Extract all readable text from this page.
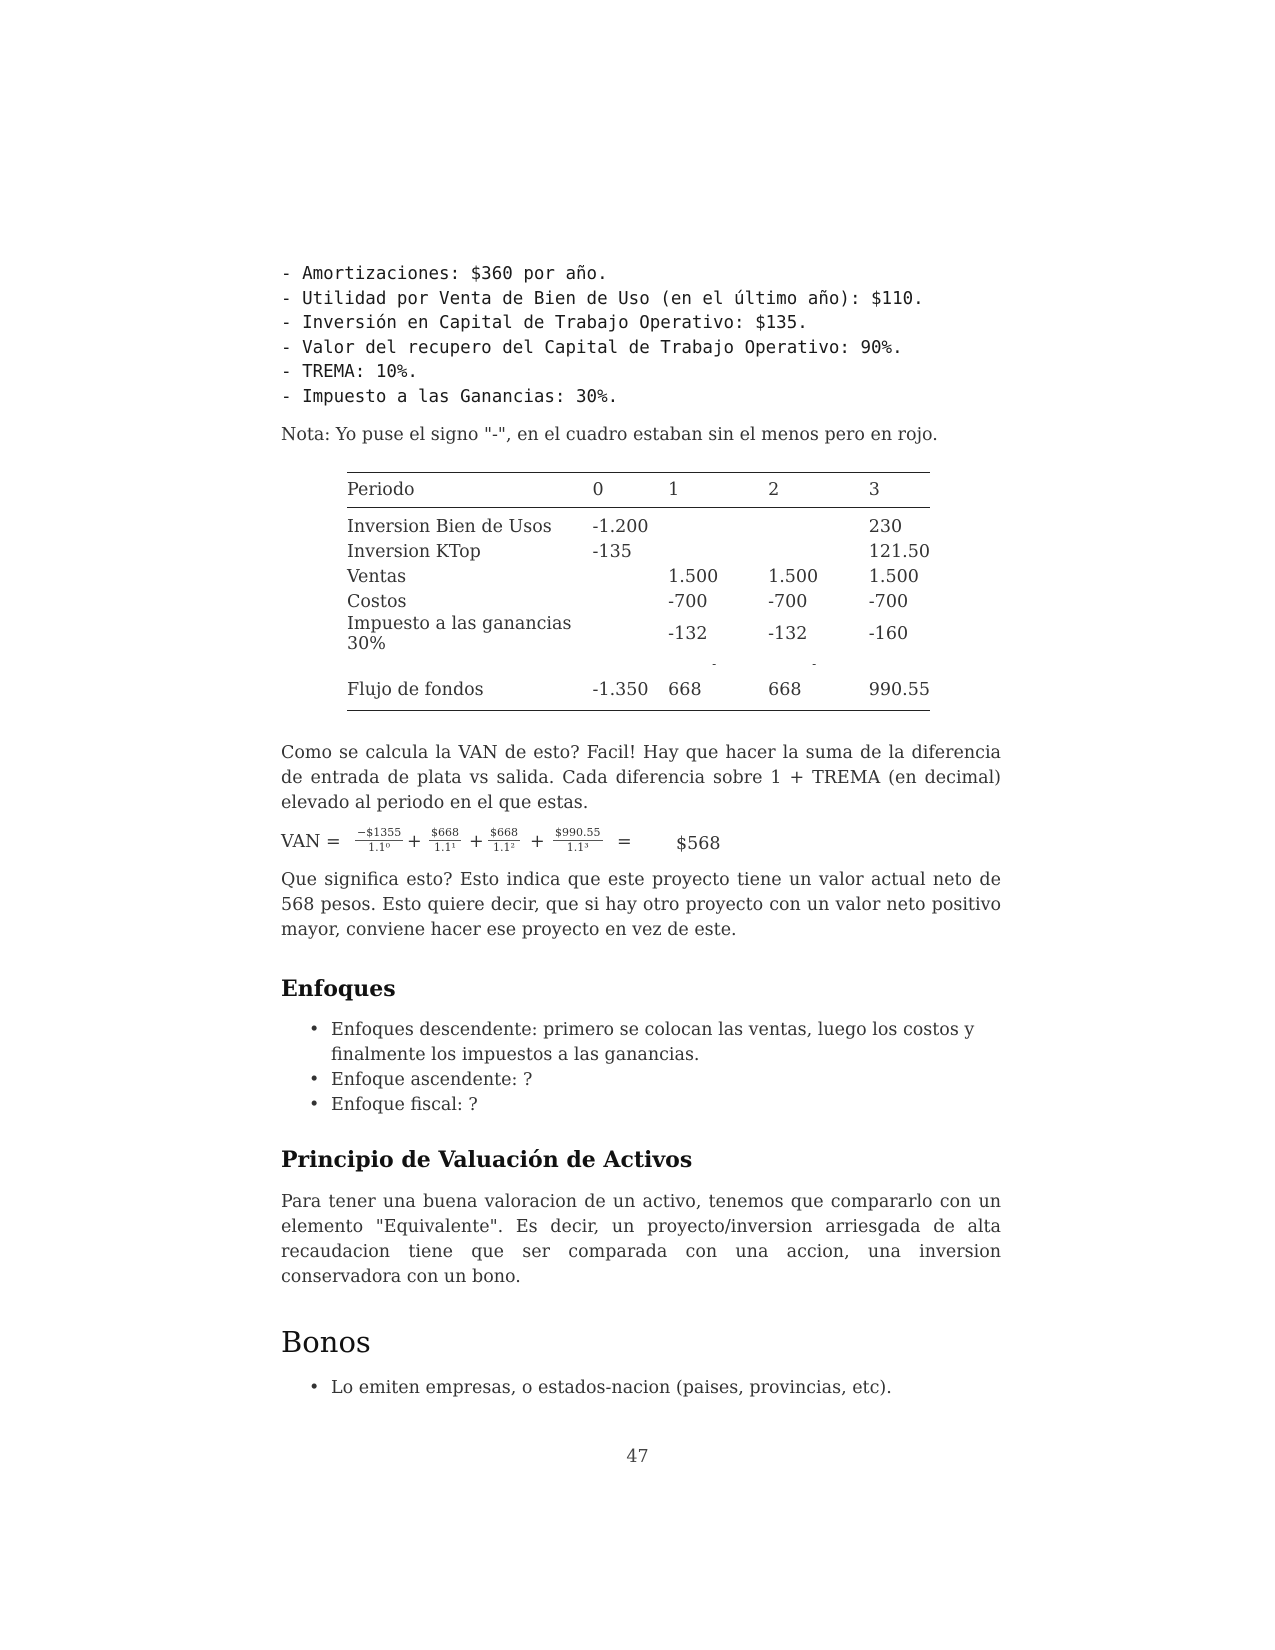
- Amortizaciones: $360 por año.
- Utilidad por Venta de Bien de Uso (en el último año): $110.
- Inversión en Capital de Trabajo Operativo: $135.
- Valor del recupero del Capital de Trabajo Operativo: 90%.
- TREMA: 10%.
- Impuesto a las Ganancias: 30%.
Nota: Yo puse el signo "-", en el cuadro estaban sin el menos pero en rojo.
Periodo	0	1	2	3
Inversion Bien de Usos	-1.200			230
Inversion KTop	-135			121.50
Ventas		1.500	1.500	1.500
Costos		-700	-700	-700
Impuesto a las ganancias 30%		-132	-132	-160
		-	-	
Flujo de fondos	-1.350	668	668	990.55
Como se calcula la VAN de esto? Facil! Hay que hacer la suma de la diferencia de entrada de plata vs salida. Cada diferencia sobre 1 + TREMA (en decimal) elevado al periodo en el que estas.
VAN = $\frac{-\$1355}{\text{1.1⁰}} + \frac{\$668}{\text{1.1¹}} + \frac{\$668}{\text{1.1²}} + \frac{\$990.55}{\text{1.1³}}$ =	$568
Que significa esto? Esto indica que este proyecto tiene un valor actual neto de 568 pesos. Esto quiere decir, que si hay otro proyecto con un valor neto positivo mayor, conviene hacer ese proyecto en vez de este.
Enfoques
• Enfoques descendente: primero se colocan las ventas, luego los costos y finalmente los impuestos a las ganancias.
• Enfoque ascendente: ?
• Enfoque fiscal: ?
Principio de Valuación de Activos
Para tener una buena valoracion de un activo, tenemos que compararlo con un elemento "Equivalente". Es decir, un proyecto/inversion arriesgada de alta recaudacion tiene que ser comparada con una accion, una inversion conservadora con un bono.
Bonos
• Lo emiten empresas, o estados-nacion (paises, provincias, etc).
47
